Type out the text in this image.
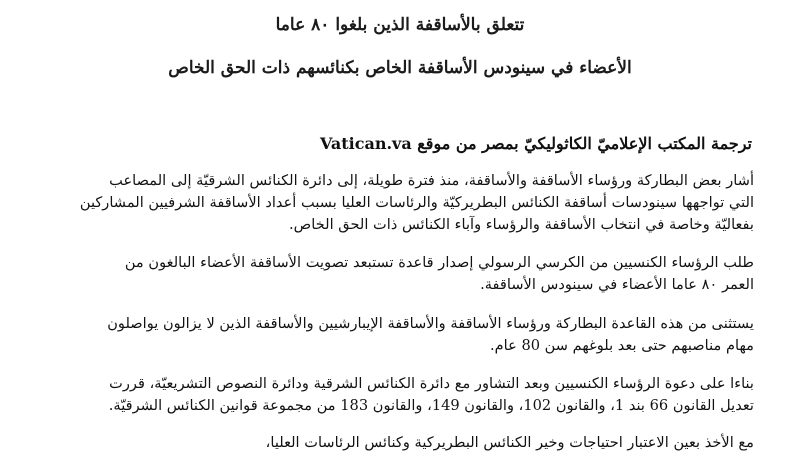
تتعلق بالأساقفة الذين بلغوا ٨٠ عاما
الأعضاء في سينودس الأساقفة الخاص بكنائسهم ذات الحق الخاص
ترجمة المكتب الإعلاميّ الكاثوليكيّ بمصر من موقع Vatican.va
أشار بعض البطاركة ورؤساء الأساقفة والأساقفة، منذ فترة طويلة، إلى دائرة الكنائس الشرقيّة إلى المصاعب
التي تواجهها سينودسات أساقفة الكنائس البطريركيّة والرئاسات العليا بسبب أعداد الأساقفة الشرفيين المشاركين
بفعاليّة وخاصة في انتخاب الأساقفة والرؤساء وآباء الكنائس ذات الحق الخاص.
طلب الرؤساء الكنسيين من الكرسي الرسولي إصدار قاعدة تستبعد تصويت الأساقفة الأعضاء البالغون من
العمر ٨٠ عاما الأعضاء في سينودس الأساقفة.
يستثنى من هذه القاعدة البطاركة ورؤساء الأساقفة والأساقفة الإيبارشيين والأساقفة الذين لا يزالون يواصلون
مهام مناصبهم حتى بعد بلوغهم سن 80 عام.
بناءا على دعوة الرؤساء الكنسيين وبعد التشاور مع دائرة الكنائس الشرقية ودائرة النصوص التشريعيّة، قررت
تعديل القانون 66 بند 1، والقانون 102، والقانون 149، والقانون 183 من مجموعة قوانين الكنائس الشرقيّة.
مع الأخذ بعين الاعتبار احتياجات وخير الكنائس البطريركية وكنائس الرئاسات العليا،
